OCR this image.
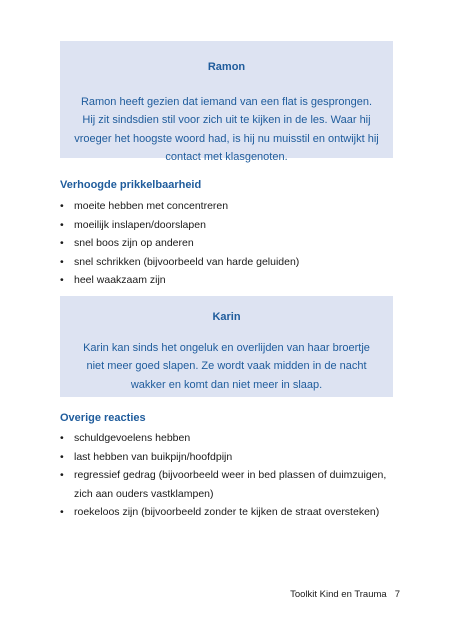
Ramon

Ramon heeft gezien dat iemand van een flat is gesprongen. Hij zit sindsdien stil voor zich uit te kijken in de les. Waar hij vroeger het hoogste woord had, is hij nu muisstil en ontwijkt hij contact met klasgenoten.

Verhoogde prikkelbaarheid
• moeite hebben met concentreren
• moeilijk inslapen/doorslapen
• snel boos zijn op anderen
• snel schrikken (bijvoorbeeld van harde geluiden)
• heel waakzaam zijn

Karin

Karin kan sinds het ongeluk en overlijden van haar broertje niet meer goed slapen. Ze wordt vaak midden in de nacht wakker en komt dan niet meer in slaap.

Overige reacties
• schuldgevoelens hebben
• last hebben van buikpijn/hoofdpijn
• regressief gedrag (bijvoorbeeld weer in bed plassen of duimzuigen, zich aan ouders vastklampen)
• roekeloos zijn (bijvoorbeeld zonder te kijken de straat oversteken)
Toolkit Kind en Trauma 7
